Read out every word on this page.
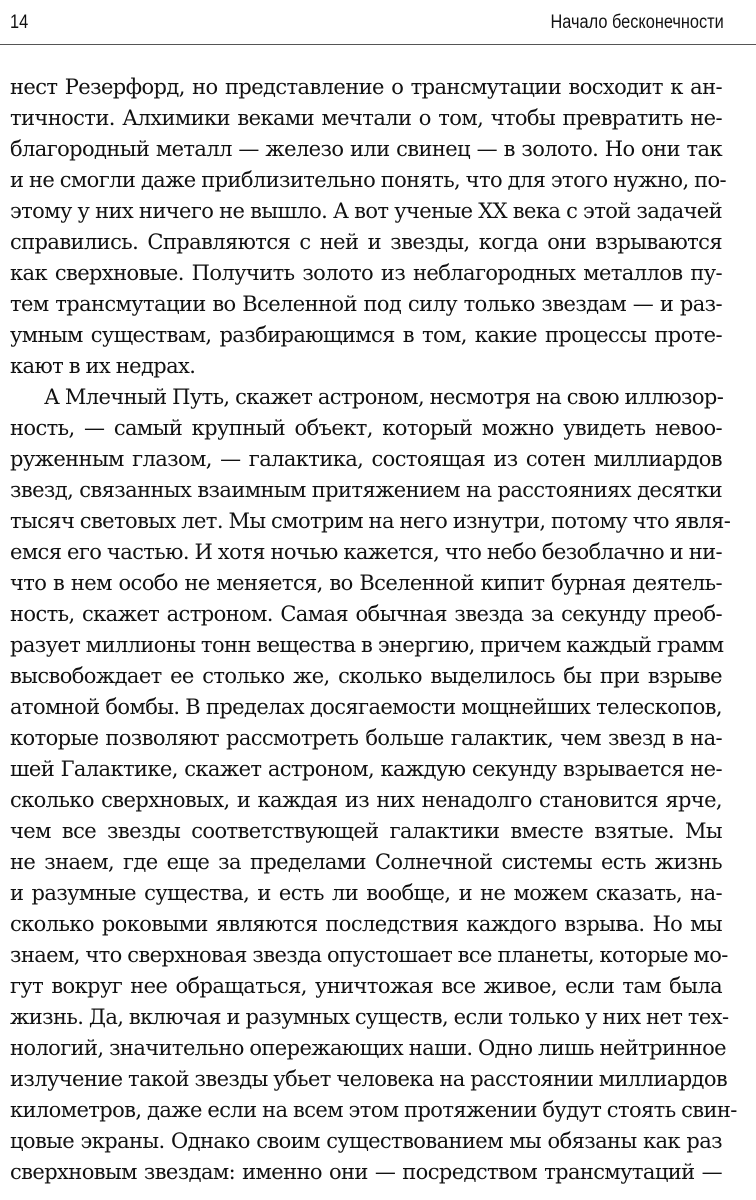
14	Начало бесконечности
нест Резерфорд, но представление о трансмутации восходит к ан-
тичности. Алхимики веками мечтали о том, чтобы превратить не-
благородный металл — железо или свинец — в золото. Но они так
и не смогли даже приблизительно понять, что для этого нужно, по-
этому у них ничего не вышло. А вот ученые XX века с этой задачей
справились. Справляются с ней и звезды, когда они взрываются
как сверхновые. Получить золото из неблагородных металлов пу-
тем трансмутации во Вселенной под силу только звездам — и раз-
умным существам, разбирающимся в том, какие процессы проте-
кают в их недрах.
А Млечный Путь, скажет астроном, несмотря на свою иллюзор-
ность, — самый крупный объект, который можно увидеть невоо-
руженным глазом, — галактика, состоящая из сотен миллиардов
звезд, связанных взаимным притяжением на расстояниях десятки
тысяч световых лет. Мы смотрим на него изнутри, потому что явля-
емся его частью. И хотя ночью кажется, что небо безоблачно и ни-
что в нем особо не меняется, во Вселенной кипит бурная деятель-
ность, скажет астроном. Самая обычная звезда за секунду преоб-
разует миллионы тонн вещества в энергию, причем каждый грамм
высвобождает ее столько же, сколько выделилось бы при взрыве
атомной бомбы. В пределах досягаемости мощнейших телескопов,
которые позволяют рассмотреть больше галактик, чем звезд в на-
шей Галактике, скажет астроном, каждую секунду взрывается не-
сколько сверхновых, и каждая из них ненадолго становится ярче,
чем все звезды соответствующей галактики вместе взятые. Мы
не знаем, где еще за пределами Солнечной системы есть жизнь
и разумные существа, и есть ли вообще, и не можем сказать, на-
сколько роковыми являются последствия каждого взрыва. Но мы
знаем, что сверхновая звезда опустошает все планеты, которые мо-
гут вокруг нее обращаться, уничтожая все живое, если там была
жизнь. Да, включая и разумных существ, если только у них нет тех-
нологий, значительно опережающих наши. Одно лишь нейтринное
излучение такой звезды убьет человека на расстоянии миллиардов
километров, даже если на всем этом протяжении будут стоять свин-
цовые экраны. Однако своим существованием мы обязаны как раз
сверхновым звездам: именно они — посредством трансмутаций —
